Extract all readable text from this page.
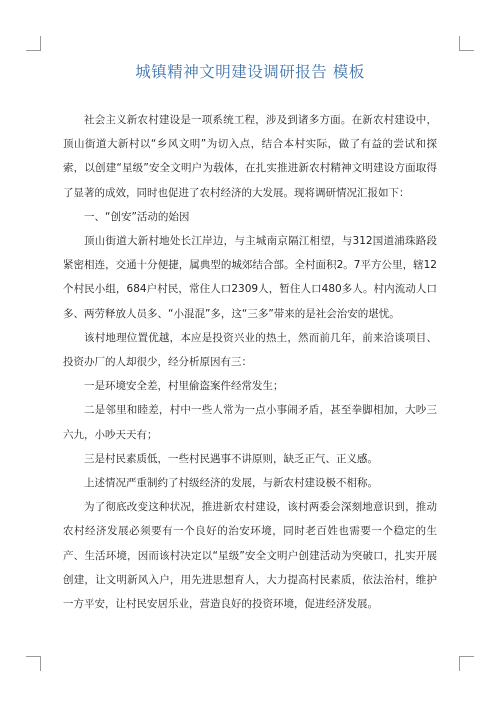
城镇精神文明建设调研报告 模板

社会主义新农村建设是一项系统工程，涉及到诸多方面。在新农村建设中，顶山街道大新村以“乡风文明”为切入点，结合本村实际，做了有益的尝试和探索，以创建“星级”安全文明户为载体，在扎实推进新农村精神文明建设方面取得了显著的成效，同时也促进了农村经济的大发展。现将调研情况汇报如下：

一、“创安”活动的始因

顶山街道大新村地处长江岸边，与主城南京隔江相望，与312国道浦珠路段紧密相连，交通十分便捷，属典型的城郊结合部。全村面积2。7平方公里，辖12个村民小组，684户村民，常住人口2309人，暂住人口480多人。村内流动人口多、两劳释放人员多、“小混混”多，这“三多”带来的是社会治安的堪忧。

该村地理位置优越，本应是投资兴业的热土，然而前几年，前来洽谈项目、投资办厂的人却很少，经分析原因有三：

一是环境安全差，村里偷盗案件经常发生；

二是邻里和睦差，村中一些人常为一点小事闹矛盾，甚至拳脚相加，大吵三六九，小吵天天有；

三是村民素质低，一些村民遇事不讲原则，缺乏正气、正义感。

上述情况严重制约了村级经济的发展，与新农村建设极不相称。

为了彻底改变这种状况，推进新农村建设，该村两委会深刻地意识到，推动农村经济发展必须要有一个良好的治安环境，同时老百姓也需要一个稳定的生产、生活环境，因而该村决定以“星级”安全文明户创建活动为突破口，扎实开展创建，让文明新风入户，用先进思想育人，大力提高村民素质，依法治村，维护一方平安，让村民安居乐业，营造良好的投资环境，促进经济发展。
